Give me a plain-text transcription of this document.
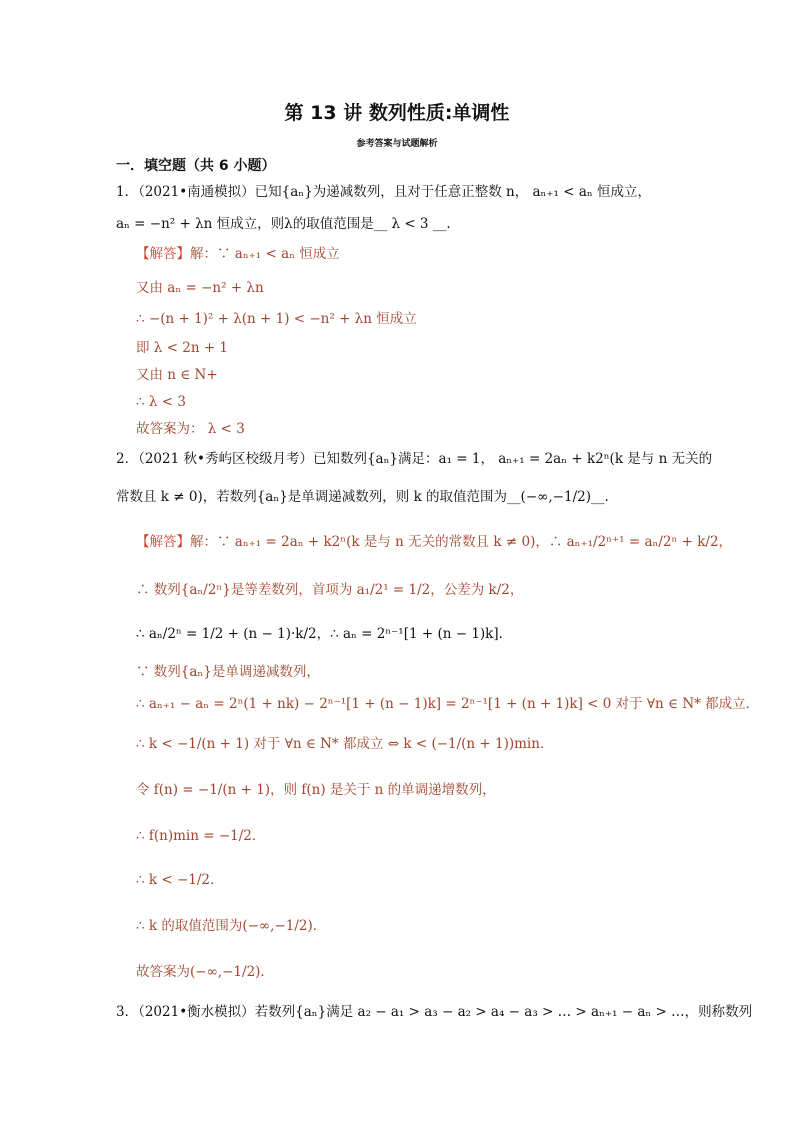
第 13 讲 数列性质:单调性
参考答案与试题解析
一．填空题（共 6 小题）
1．（2021•南通模拟）已知{aₙ}为递减数列，且对于任意正整数 n， aₙ₊₁ < aₙ 恒成立，
aₙ = −n² + λn 恒成立，则λ的取值范围是__ λ < 3 __.
【解答】解：∵ aₙ₊₁ < aₙ 恒成立
又由 aₙ = −n² + λn
∴ −(n + 1)² + λ(n + 1) < −n² + λn 恒成立
即 λ < 2n + 1
又由 n ∈ N+
∴ λ < 3
故答案为： λ < 3
2．（2021 秋•秀屿区校级月考）已知数列{aₙ}满足：a₁ = 1， aₙ₊₁ = 2aₙ + k2ⁿ(k 是与 n 无关的
常数且 k ≠ 0)，若数列{aₙ}是单调递减数列，则 k 的取值范围为__(−∞,−1/2)__.
【解答】解：∵ aₙ₊₁ = 2aₙ + k2ⁿ(k 是与 n 无关的常数且 k ≠ 0)，∴ aₙ₊₁/2ⁿ⁺¹ = aₙ/2ⁿ + k/2，
∴ 数列{aₙ/2ⁿ}是等差数列，首项为 a₁/2¹ = 1/2，公差为 k/2，
∴ aₙ/2ⁿ = 1/2 + (n − 1)·k/2，∴ aₙ = 2ⁿ⁻¹[1 + (n − 1)k]．
∵ 数列{aₙ}是单调递减数列，
∴ aₙ₊₁ − aₙ = 2ⁿ(1 + nk) − 2ⁿ⁻¹[1 + (n − 1)k] = 2ⁿ⁻¹[1 + (n + 1)k] < 0 对于 ∀n ∈ N* 都成立．
∴ k < −1/(n + 1) 对于 ∀n ∈ N* 都成立 ⇔ k < (−1/(n + 1))min．
令 f(n) = −1/(n + 1)，则 f(n) 是关于 n 的单调递增数列，
∴ f(n)min = −1/2．
∴ k < −1/2．
∴ k 的取值范围为(−∞,−1/2)．
故答案为(−∞,−1/2)．
3．（2021•衡水模拟）若数列{aₙ}满足 a₂ − a₁ > a₃ − a₂ > a₄ − a₃ > … > aₙ₊₁ − aₙ > …，则称数列
